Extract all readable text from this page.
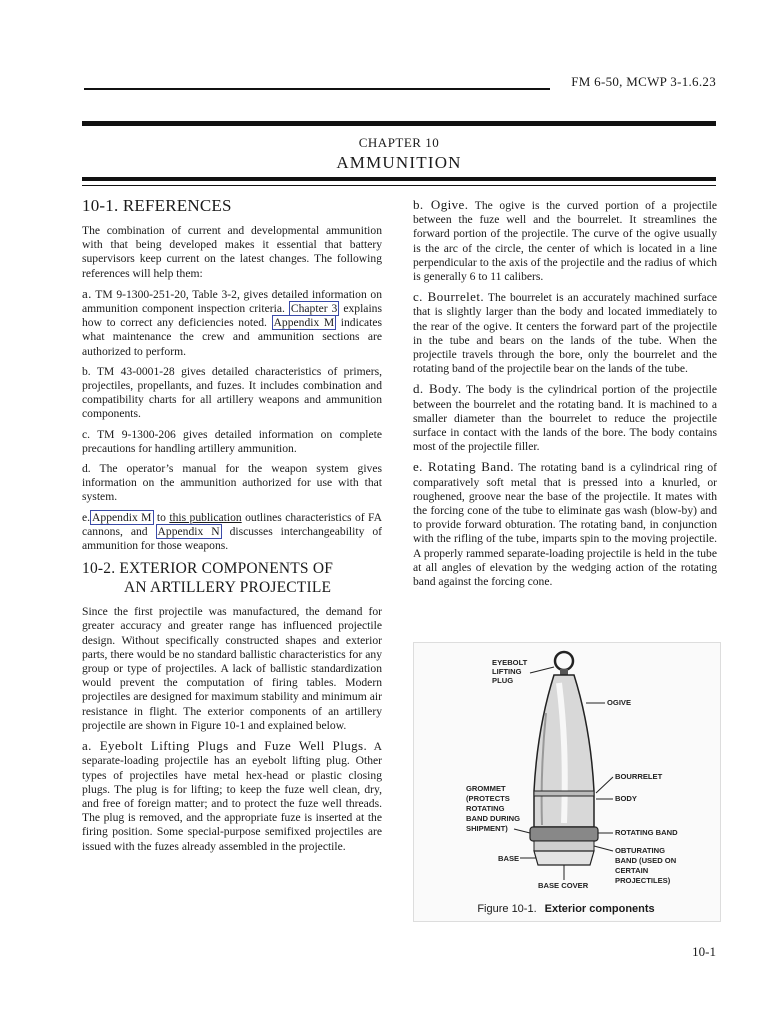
FM 6-50, MCWP 3-1.6.23
CHAPTER 10
AMMUNITION
10-1. REFERENCES

The combination of current and developmental ammunition with that being developed makes it essential that battery supervisors keep current on the latest changes. The following references will help them:

a. TM 9-1300-251-20, Table 3-2, gives detailed information on ammunition component inspection criteria. Chapter 3 explains how to correct any deficiencies noted. Appendix M indicates what maintenance the crew and ammunition sections are authorized to perform.

b. TM 43-0001-28 gives detailed characteristics of primers, projectiles, propellants, and fuzes. It includes combination and compatibility charts for all artillery weapons and ammunition components.

c. TM 9-1300-206 gives detailed information on complete precautions for handling artillery ammunition.

d. The operator’s manual for the weapon system gives information on the ammunition authorized for use with that system.

e. Appendix M to this publication outlines characteristics of FA cannons, and Appendix N discusses interchangeability of ammunition for those weapons.

10-2. EXTERIOR COMPONENTS OF
AN ARTILLERY PROJECTILE

Since the first projectile was manufactured, the demand for greater accuracy and greater range has influenced projectile design. Without specifically constructed shapes and exterior parts, there would be no standard ballistic characteristics for any group or type of projectiles. A lack of ballistic standardization would prevent the computation of firing tables. Modern projectiles are designed for maximum stability and minimum air resistance in flight. The exterior components of an artillery projectile are shown in Figure 10-1 and explained below.

a. Eyebolt Lifting Plugs and Fuze Well Plugs. A separate-loading projectile has an eyebolt lifting plug. Other types of projectiles have metal hex-head or plastic closing plugs. The plug is for lifting; to keep the fuze well clean, dry, and free of foreign matter; and to protect the fuze well threads. The plug is removed, and the appropriate fuze is inserted at the firing position. Some special-purpose semifixed projectiles are issued with the fuzes already assembled in the projectile.

b. Ogive. The ogive is the curved portion of a projectile between the fuze well and the bourrelet. It streamlines the forward portion of the projectile. The curve of the ogive usually is the arc of the circle, the center of which is located in a line perpendicular to the axis of the projectile and the radius of which is generally 6 to 11 calibers.

c. Bourrelet. The bourrelet is an accurately machined surface that is slightly larger than the body and located immediately to the rear of the ogive. It centers the forward part of the projectile in the tube and bears on the lands of the tube. When the projectile travels through the bore, only the bourrelet and the rotating band of the projectile bear on the lands of the tube.

d. Body. The body is the cylindrical portion of the projectile between the bourrelet and the rotating band. It is machined to a smaller diameter than the bourrelet to reduce the projectile surface in contact with the lands of the bore. The body contains most of the projectile filler.

e. Rotating Band. The rotating band is a cylindrical ring of comparatively soft metal that is pressed into a knurled, or roughened, groove near the base of the projectile. It mates with the forcing cone of the tube to eliminate gas wash (blow-by) and to provide forward obturation. The rotating band, in conjunction with the rifling of the tube, imparts spin to the moving projectile. A properly rammed separate-loading projectile is held in the tube at all angles of elevation by the wedging action of the rotating band against the forcing cone.

EYEBOLT
LIFTING
PLUG
OGIVE
BOURRELET
BODY
GROMMET
(PROTECTS
ROTATING
BAND DURING
SHIPMENT)	ROTATING BAND
OBTURATING
BAND (USED ON
CERTAIN
PROJECTILES)
BASE
BASE COVER
Figure 10-1. Exterior components
10-1
